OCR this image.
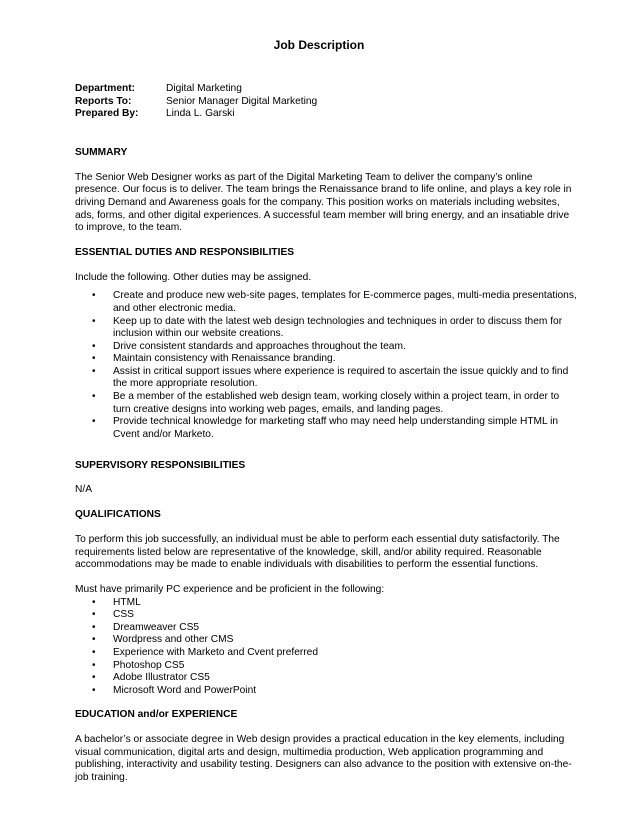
Job Description
Department:	Digital Marketing
Reports To:	Senior Manager Digital Marketing
Prepared By:	Linda L. Garski

SUMMARY

The Senior Web Designer works as part of the Digital Marketing Team to deliver the company’s online presence. Our focus is to deliver. The team brings the Renaissance brand to life online, and plays a key role in driving Demand and Awareness goals for the company. This position works on materials including websites, ads, forms, and other digital experiences. A successful team member will bring energy, and an insatiable drive to improve, to the team.

ESSENTIAL DUTIES AND RESPONSIBILITIES

Include the following. Other duties may be assigned.

• Create and produce new web-site pages, templates for E-commerce pages, multi-media presentations, and other electronic media.
• Keep up to date with the latest web design technologies and techniques in order to discuss them for inclusion within our website creations.
• Drive consistent standards and approaches throughout the team.
• Maintain consistency with Renaissance branding.
• Assist in critical support issues where experience is required to ascertain the issue quickly and to find the more appropriate resolution.
• Be a member of the established web design team, working closely within a project team, in order to turn creative designs into working web pages, emails, and landing pages.
• Provide technical knowledge for marketing staff who may need help understanding simple HTML in Cvent and/or Marketo.

SUPERVISORY RESPONSIBILITIES

N/A

QUALIFICATIONS

To perform this job successfully, an individual must be able to perform each essential duty satisfactorily. The requirements listed below are representative of the knowledge, skill, and/or ability required. Reasonable accommodations may be made to enable individuals with disabilities to perform the essential functions.

Must have primarily PC experience and be proficient in the following:

• HTML
• CSS
• Dreamweaver CS5
• Wordpress and other CMS
• Experience with Marketo and Cvent preferred
• Photoshop CS5
• Adobe Illustrator CS5
• Microsoft Word and PowerPoint

EDUCATION and/or EXPERIENCE

A bachelor’s or associate degree in Web design provides a practical education in the key elements, including visual communication, digital arts and design, multimedia production, Web application programming and publishing, interactivity and usability testing. Designers can also advance to the position with extensive on-the-job training.
